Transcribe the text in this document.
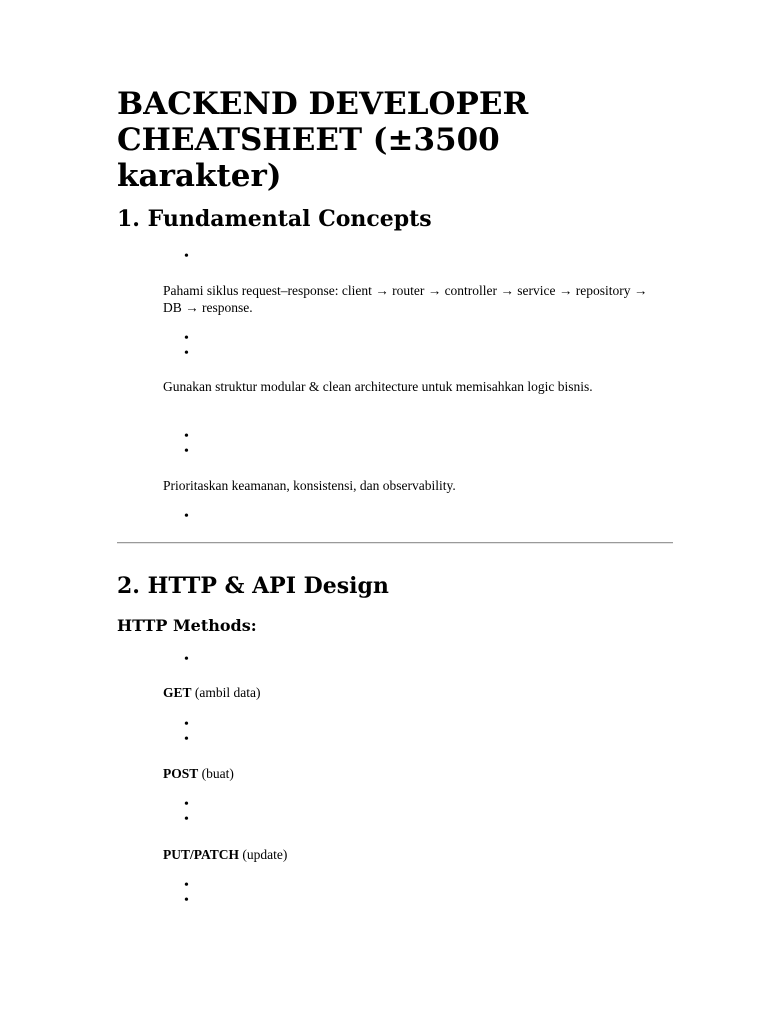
BACKEND DEVELOPER CHEATSHEET (±3500 karakter)
1. Fundamental Concepts
•

Pahami siklus request–response: client → router → controller → service → repository → DB → response.

•
•

Gunakan struktur modular & clean architecture untuk memisahkan logic bisnis.

•
•

Prioritaskan keamanan, konsistensi, dan observability.

•
2. HTTP & API Design
HTTP Methods:
•

GET (ambil data)

•
•

POST (buat)

•
•

PUT/PATCH (update)

•
•
